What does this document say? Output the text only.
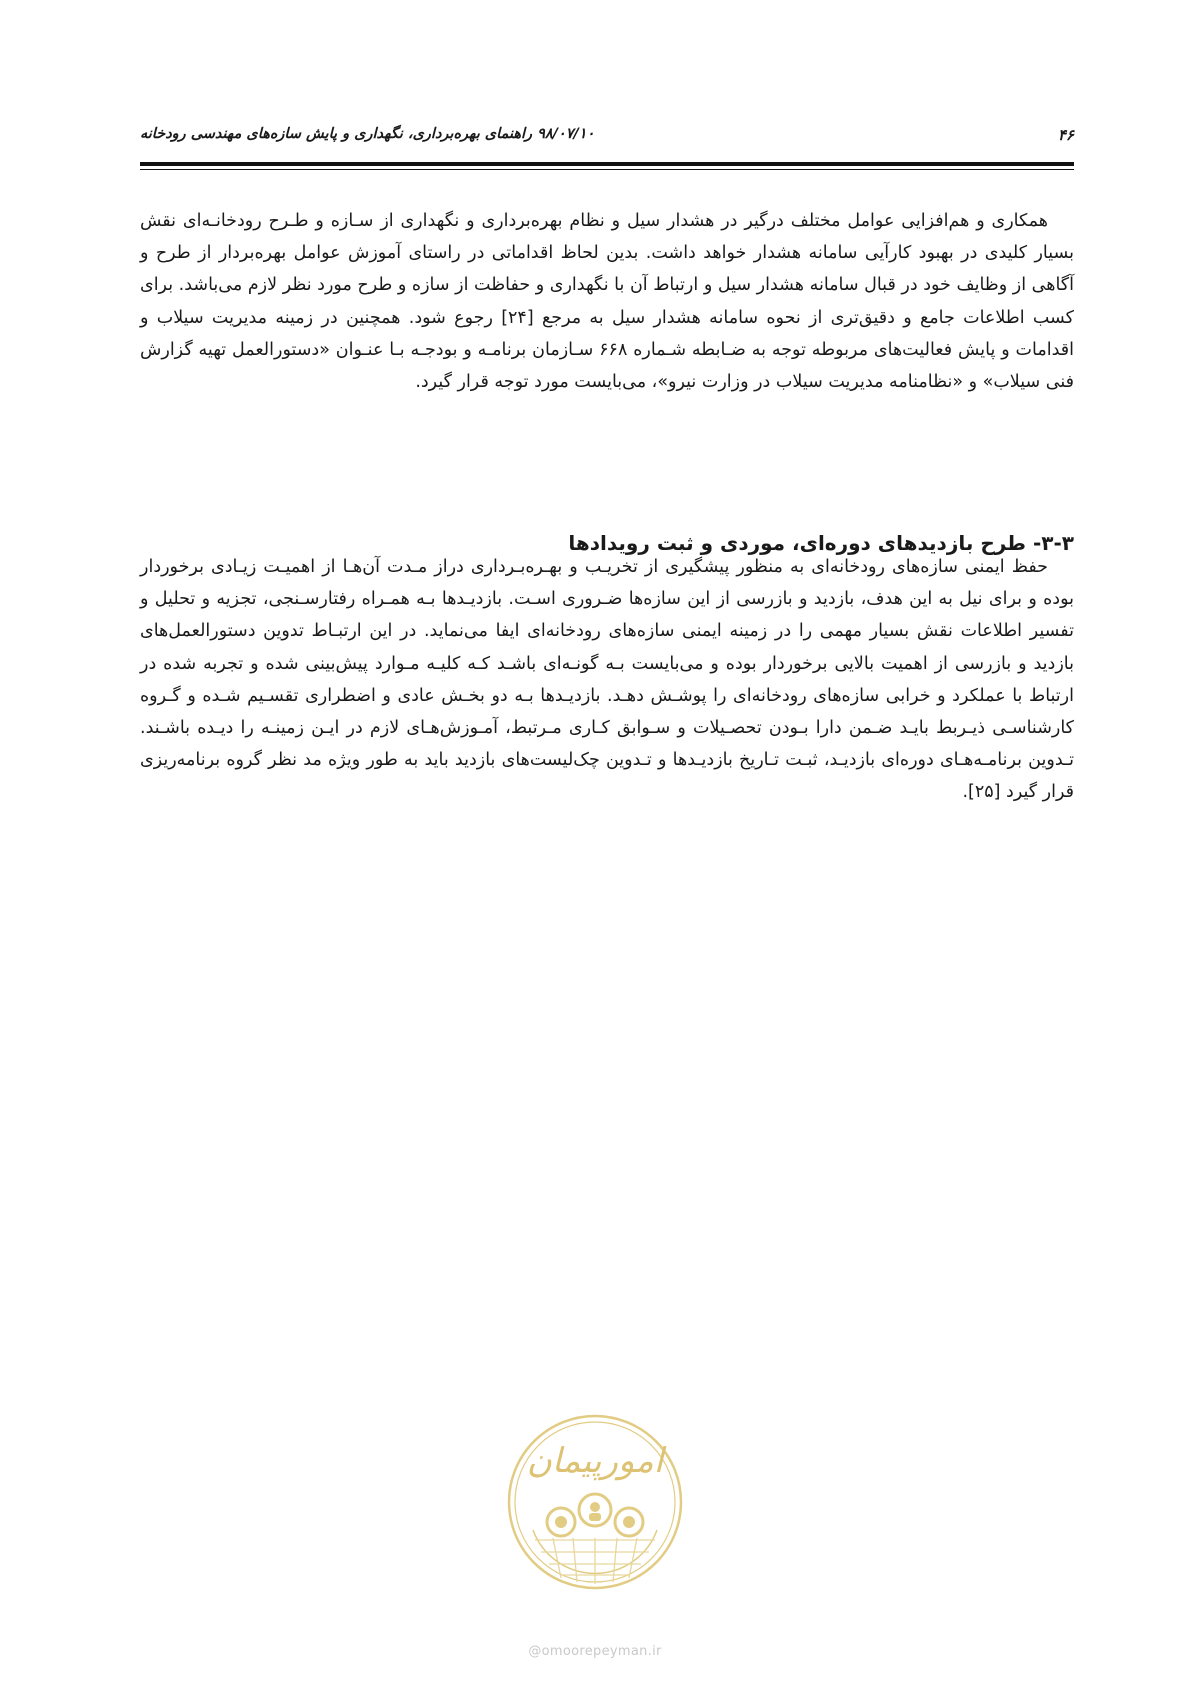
۴۶
۹۸/۰۷/۱۰ راهنمای بهره‌برداری، نگهداری و پایش سازه‌های مهندسی رودخانه

همکاری و هم‌افزایی عوامل مختلف درگیر در هشدار سیل و نظام بهره‌برداری و نگهداری از سـازه و طـرح رودخانـه‌ای نقش بسیار کلیدی در بهبود کارآیی سامانه هشدار خواهد داشت. بدین لحاظ اقداماتی در راستای آموزش عوامل بهره‌بردار از طرح و آگاهی از وظایف خود در قبال سامانه هشدار سیل و ارتباط آن با نگهداری و حفاظت از سازه و طرح مورد نظر لازم می‌باشد. برای کسب اطلاعات جامع و دقیق‌تری از نحوه سامانه هشدار سیل به مرجع [۲۴] رجوع شود. همچنین در زمینه مدیریت سیلاب و اقدامات و پایش فعالیت‌های مربوطه توجه به ضـابطه شـماره ۶۶۸ سـازمان برنامـه و بودجـه بـا عنـوان «دستورالعمل تهیه گزارش فنی سیلاب» و «نظامنامه مدیریت سیلاب در وزارت نیرو»، می‌بایست مورد توجه قرار گیرد.

۳-۳- طرح بازدیدهای دوره‌ای، موردی و ثبت رویدادها

حفظ ایمنی سازه‌های رودخانه‌ای به منظور پیشگیری از تخریـب و بهـره‌بـرداری دراز مـدت آن‌هـا از اهمیـت زیـادی برخوردار بوده و برای نیل به این هدف، بازدید و بازرسی از این سازه‌ها ضـروری اسـت. بازدیـدها بـه همـراه رفتارسـنجی، تجزیه و تحلیل و تفسیر اطلاعات نقش بسیار مهمی را در زمینه ایمنی سازه‌های رودخانه‌ای ایفا می‌نماید. در این ارتبـاط تدوین دستورالعمل‌های بازدید و بازرسی از اهمیت بالایی برخوردار بوده و می‌بایست بـه گونـه‌ای باشـد کـه کلیـه مـوارد پیش‌بینی شده و تجربه شده در ارتباط با عملکرد و خرابی سازه‌های رودخانه‌ای را پوشـش دهـد. بازدیـدها بـه دو بخـش عادی و اضطراری تقسـیم شـده و گـروه کارشناسـی ذیـربط بایـد ضـمن دارا بـودن تحصـیلات و سـوابق کـاری مـرتبط، آمـوزش‌هـای لازم در ایـن زمینـه را دیـده باشـند. تـدوین برنامـه‌هـای دوره‌ای بازدیـد، ثبـت تـاریخ بازدیـدها و تـدوین چک‌لیست‌های بازدید باید به طور ویژه مد نظر گروه برنامه‌ریزی قرار گیرد [۲۵].

امورپیمان
@omoorepeyman.ir
